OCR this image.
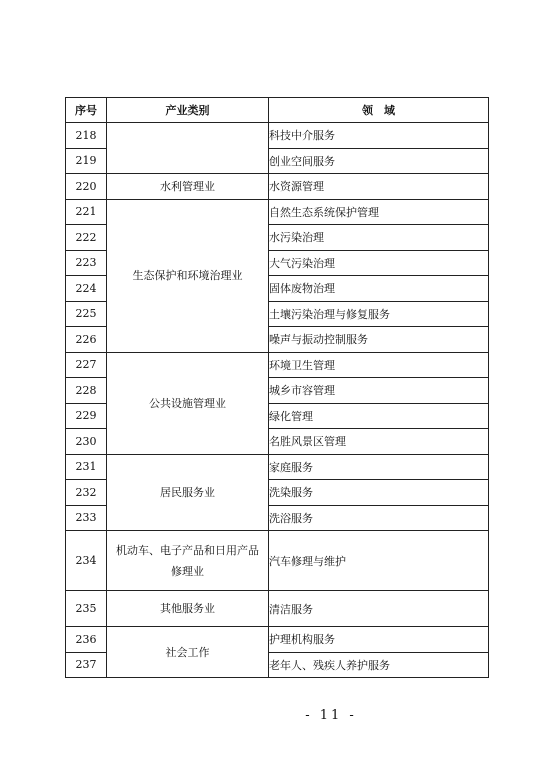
序号	产业类别	领　域
218		科技中介服务
219		创业空间服务
220	水利管理业	水资源管理
221	生态保护和环境治理业	自然生态系统保护管理
222		水污染治理
223		大气污染治理
224		固体废物治理
225		土壤污染治理与修复服务
226		噪声与振动控制服务
227	公共设施管理业	环境卫生管理
228		城乡市容管理
229		绿化管理
230		名胜风景区管理
231	居民服务业	家庭服务
232		洗染服务
233		洗浴服务
234	机动车、电子产品和日用产品修理业	汽车修理与维护
235	其他服务业	清洁服务
236	社会工作	护理机构服务
237		老年人、残疾人养护服务
- 11 -
